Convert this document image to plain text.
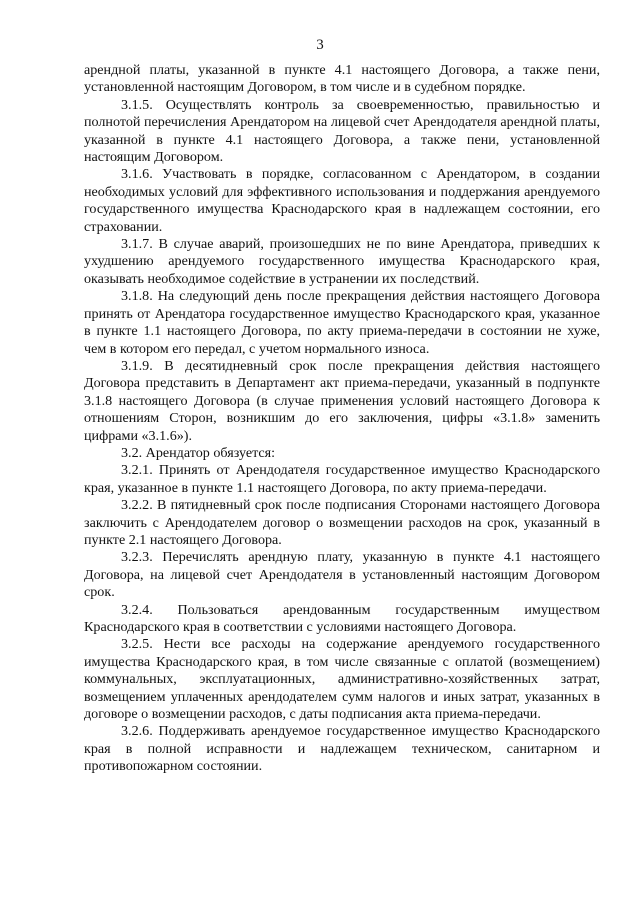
3

арендной платы, указанной в пункте 4.1 настоящего Договора, а также пени, установленной настоящим Договором, в том числе и в судебном порядке.

3.1.5. Осуществлять контроль за своевременностью, правильностью и полнотой перечисления Арендатором на лицевой счет Арендодателя арендной платы, указанной в пункте 4.1 настоящего Договора, а также пени, установленной настоящим Договором.

3.1.6. Участвовать в порядке, согласованном с Арендатором, в создании необходимых условий для эффективного использования и поддержания арендуемого государственного имущества Краснодарского края в надлежащем состоянии, его страховании.

3.1.7. В случае аварий, произошедших не по вине Арендатора, приведших к ухудшению арендуемого государственного имущества Краснодарского края, оказывать необходимое содействие в устранении их последствий.

3.1.8. На следующий день после прекращения действия настоящего Договора принять от Арендатора государственное имущество Краснодарского края, указанное в пункте 1.1 настоящего Договора, по акту приема-передачи в состоянии не хуже, чем в котором его передал, с учетом нормального износа.

3.1.9. В десятидневный срок после прекращения действия настоящего Договора представить в Департамент акт приема-передачи, указанный в подпункте 3.1.8 настоящего Договора (в случае применения условий настоящего Договора к отношениям Сторон, возникшим до его заключения, цифры «3.1.8» заменить цифрами «3.1.6»).

3.2. Арендатор обязуется:

3.2.1. Принять от Арендодателя государственное имущество Краснодарского края, указанное в пункте 1.1 настоящего Договора, по акту приема-передачи.

3.2.2. В пятидневный срок после подписания Сторонами настоящего Договора заключить с Арендодателем договор о возмещении расходов на срок, указанный в пункте 2.1 настоящего Договора.

3.2.3. Перечислять арендную плату, указанную в пункте 4.1 настоящего Договора, на лицевой счет Арендодателя в установленный настоящим Договором срок.

3.2.4. Пользоваться арендованным государственным имуществом Краснодарского края в соответствии с условиями настоящего Договора.

3.2.5. Нести все расходы на содержание арендуемого государственного имущества Краснодарского края, в том числе связанные с оплатой (возмещением) коммунальных, эксплуатационных, административно-хозяйственных затрат, возмещением уплаченных арендодателем сумм налогов и иных затрат, указанных в договоре о возмещении расходов, с даты подписания акта приема-передачи.

3.2.6. Поддерживать арендуемое государственное имущество Краснодарского края в полной исправности и надлежащем техническом, санитарном и противопожарном состоянии.
